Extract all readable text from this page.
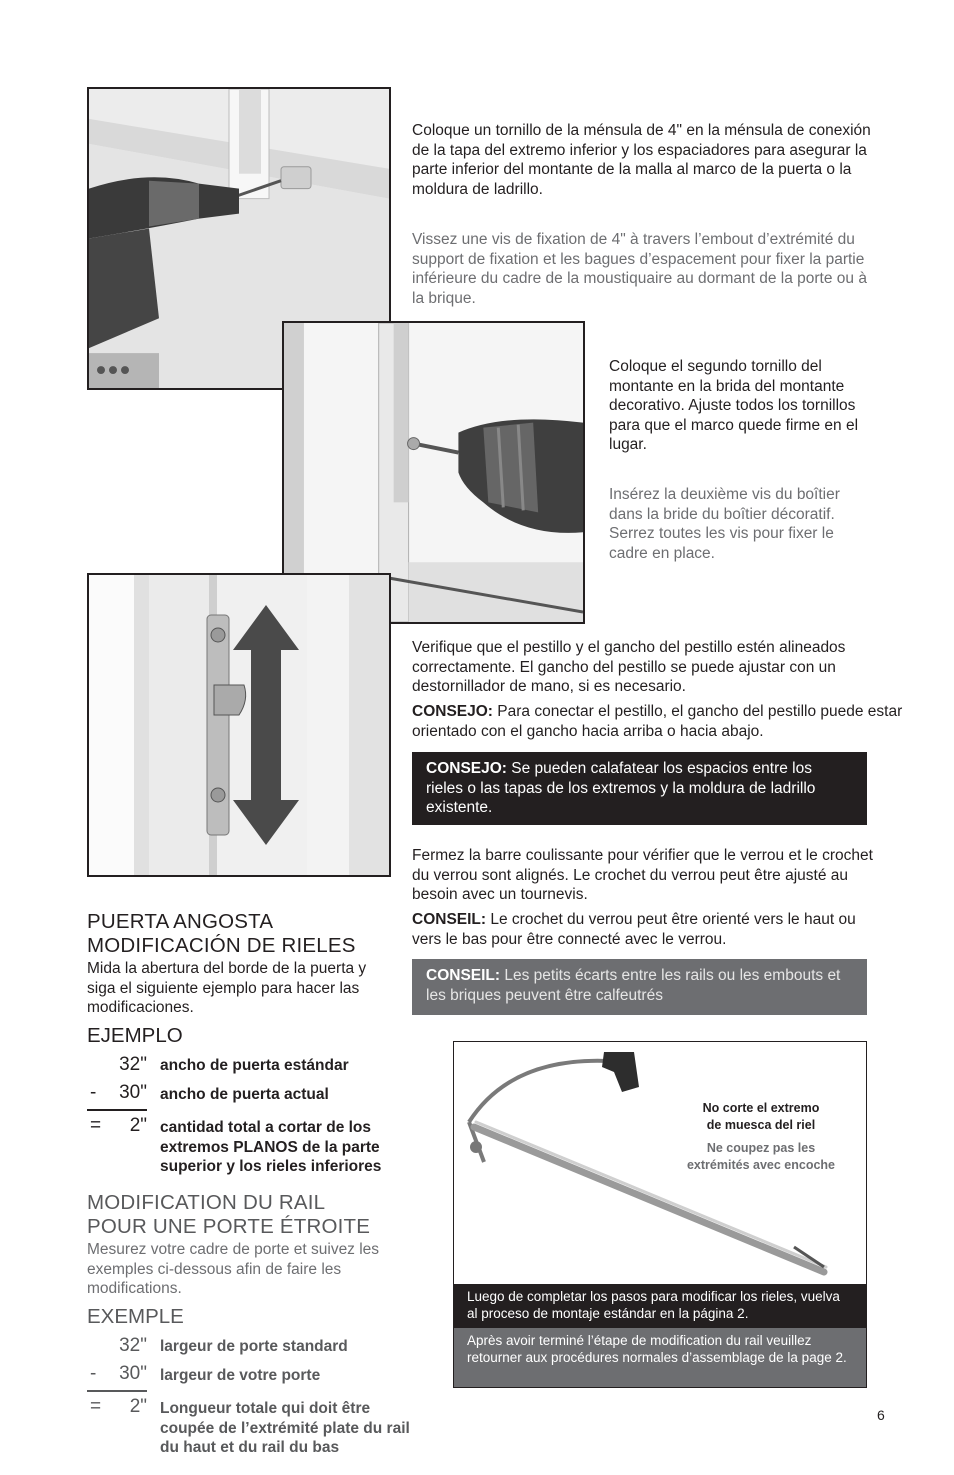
Coloque un tornillo de la ménsula de 4" en la ménsula de conexión de la tapa del extremo inferior y los espaciadores para asegurar la parte inferior del montante de la malla al marco de la puerta o la moldura de ladrillo.
Vissez une vis de fixation de 4" à travers l’embout d’extrémité du support de fixation et les bagues d’espacement pour fixer la partie inférieure du cadre de la moustiquaire au dormant de la porte ou à la brique.
Coloque el segundo tornillo del montante en la brida del montante decorativo. Ajuste todos los tornillos para que el marco quede firme en el lugar.
Insérez la deuxième vis du boîtier dans la bride du boîtier décoratif. Serrez toutes les vis pour fixer le cadre en place.
Verifique que el pestillo y el gancho del pestillo estén alineados correctamente. El gancho del pestillo se puede ajustar con un destornillador de mano, si es necesario.
CONSEJO: Para conectar el pestillo, el gancho del pestillo puede estar orientado con el gancho hacia arriba o hacia abajo.
CONSEJO: Se pueden calafatear los espacios entre los rieles o las tapas de los extremos y la moldura de ladrillo existente.
Fermez la barre coulissante pour vérifier que le verrou et le crochet du verrou sont alignés. Le crochet du verrou peut être ajusté au besoin avec un tournevis.
CONSEIL: Le crochet du verrou peut être orienté vers le haut ou vers le bas pour être connecté avec le verrou.
CONSEIL: Les petits écarts entre les rails ou les embouts et les briques peuvent être calfeutrés
PUERTA ANGOSTA
MODIFICACIÓN DE RIELES
Mida la abertura del borde de la puerta y siga el siguiente ejemplo para hacer las modificaciones.
EJEMPLO
32" ancho de puerta estándar
-	30" ancho de puerta actual
=	2" cantidad total a cortar de los extremos PLANOS de la parte superior y los rieles inferiores
MODIFICATION DU RAIL
POUR UNE PORTE ÉTROITE
Mesurez votre cadre de porte et suivez les exemples ci-dessous afin de faire les modifications.
EXEMPLE
32" largeur de porte standard
-	30" largeur de votre porte
=	2" Longueur totale qui doit être coupée de l’extrémité plate du rail du haut et du rail du bas
No corte el extremo
de muesca del riel
Ne coupez pas les
extrémités avec encoche
Luego de completar los pasos para modificar los rieles, vuelva al proceso de montaje estándar en la página 2.
Après avoir terminé l’étape de modification du rail veuillez retourner aux procédures normales d’assemblage de la page 2.
6
